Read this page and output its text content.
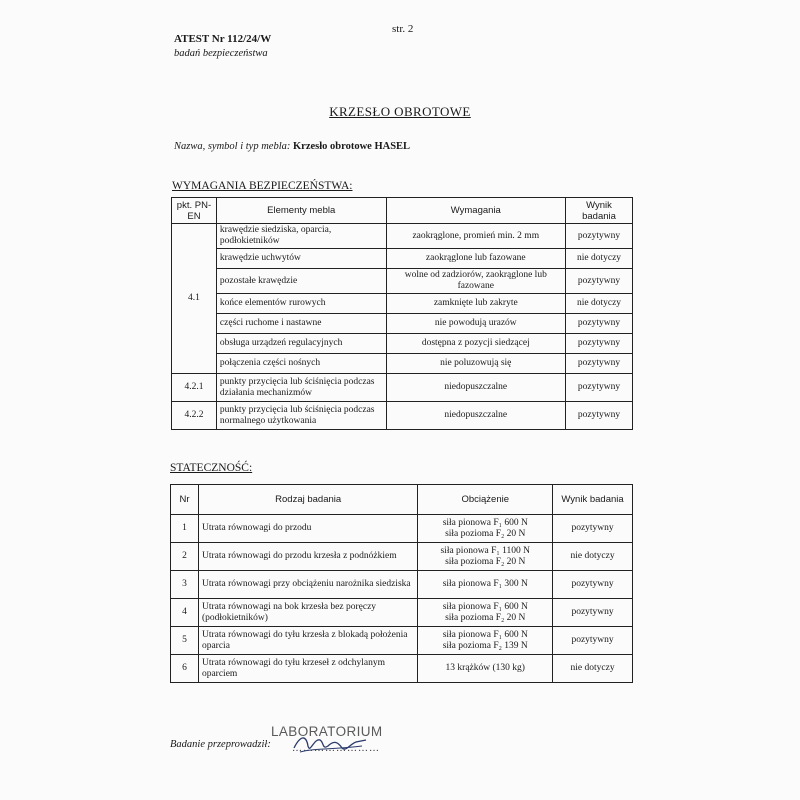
str. 2
ATEST Nr 112/24/W
badań bezpieczeństwa
KRZESŁO OBROTOWE
Nazwa, symbol i typ mebla: Krzesło obrotowe HASEL
WYMAGANIA BEZPIECZEŃSTWA:
pkt. PN-EN	Elementy mebla	Wymagania	Wynik badania
4.1	krawędzie siedziska, oparcia, podłokietników	zaokrąglone, promień min. 2 mm	pozytywny
	krawędzie uchwytów	zaokrąglone lub fazowane	nie dotyczy
	pozostałe krawędzie	wolne od zadziorów, zaokrąglone lub fazowane	pozytywny
	końce elementów rurowych	zamknięte lub zakryte	nie dotyczy
	części ruchome i nastawne	nie powodują urazów	pozytywny
	obsługa urządzeń regulacyjnych	dostępna z pozycji siedzącej	pozytywny
	połączenia części nośnych	nie poluzowują się	pozytywny
4.2.1	punkty przycięcia lub ściśnięcia podczas działania mechanizmów	niedopuszczalne	pozytywny
4.2.2	punkty przycięcia lub ściśnięcia podczas normalnego użytkowania	niedopuszczalne	pozytywny
STATECZNOŚĆ:
Nr	Rodzaj badania	Obciążenie	Wynik badania
1	Utrata równowagi do przodu	siła pionowa F₁ 600 N
siła pozioma F₂ 20 N	pozytywny
2	Utrata równowagi do przodu krzesła z podnóżkiem	siła pionowa F₁ 1100 N
siła pozioma F₂ 20 N	nie dotyczy
3	Utrata równowagi przy obciążeniu narożnika siedziska	siła pionowa F₁ 300 N	pozytywny
4	Utrata równowagi na bok krzesła bez poręczy (podłokietników)	siła pionowa F₁ 600 N
siła pozioma F₂ 20 N	pozytywny
5	Utrata równowagi do tyłu krzesła z blokadą położenia oparcia	siła pionowa F₁ 600 N
siła pozioma F₂ 139 N	pozytywny
6	Utrata równowagi do tyłu krzeseł z odchylanym oparciem	13 krążków (130 kg)	nie dotyczy
LABORATORIUM
Badanie przeprowadził: ……………………
